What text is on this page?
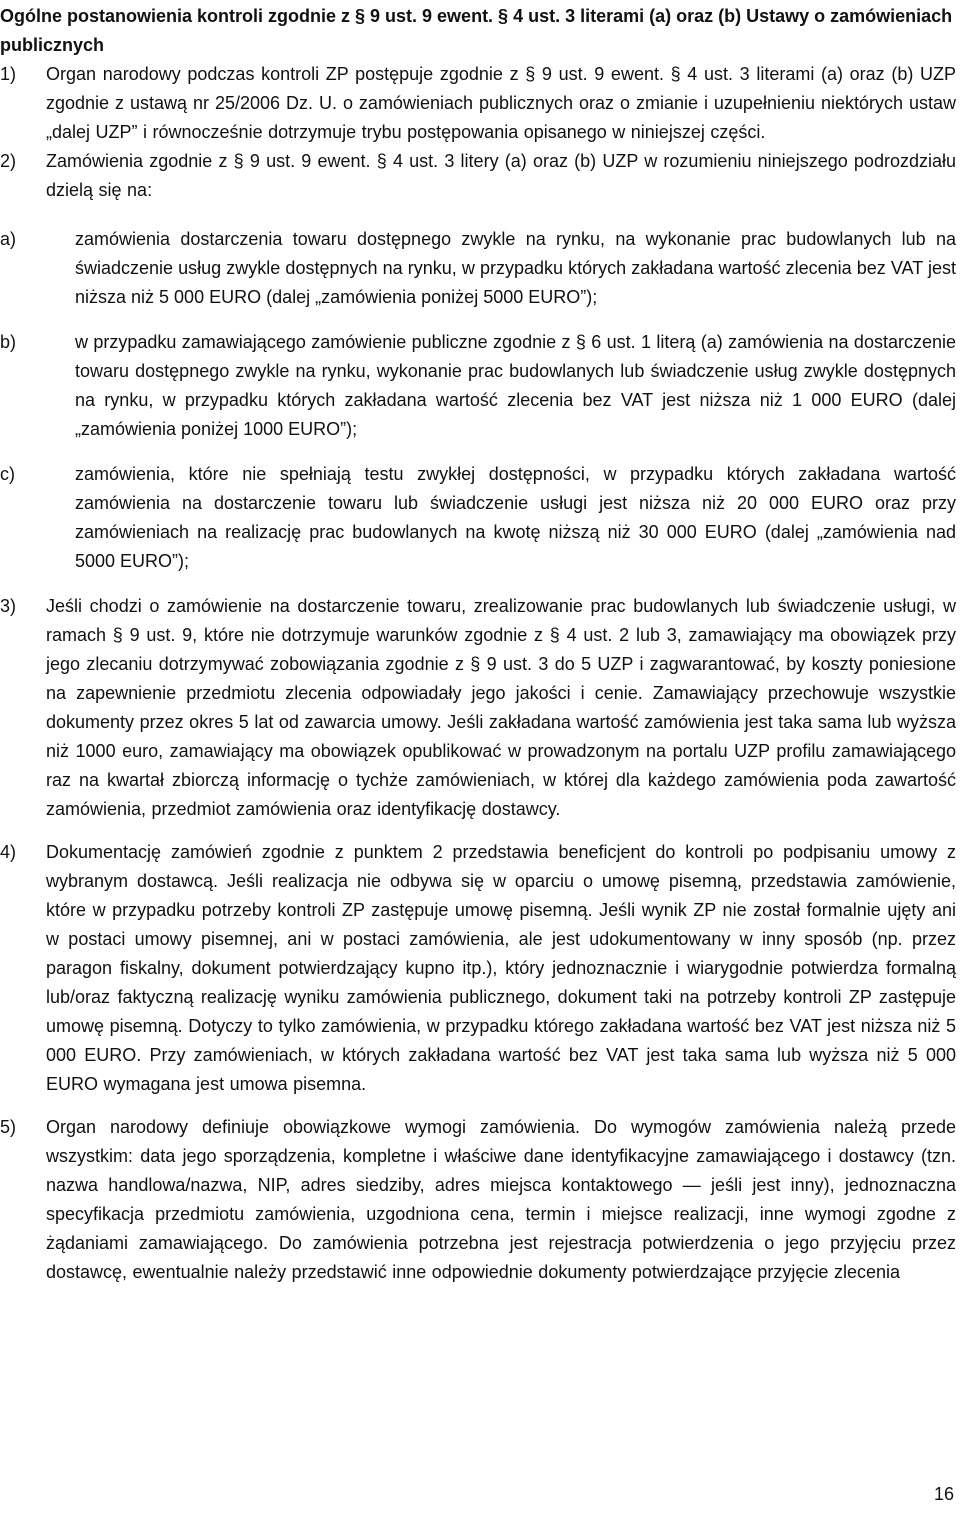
Ogólne postanowienia kontroli zgodnie z § 9 ust. 9 ewent. § 4 ust. 3 literami (a) oraz (b) Ustawy o zamówieniach publicznych
1)	Organ narodowy podczas kontroli ZP postępuje zgodnie z § 9 ust. 9 ewent. § 4 ust. 3 literami (a) oraz (b) UZP zgodnie z ustawą nr 25/2006 Dz. U. o zamówieniach publicznych oraz o zmianie i uzupełnieniu niektórych ustaw „dalej UZP” i równocześnie dotrzymuje trybu postępowania opisanego w niniejszej części.

2)	Zamówienia zgodnie z § 9 ust. 9 ewent. § 4 ust. 3 litery (a) oraz (b) UZP w rozumieniu niniejszego podrozdziału dzielą się na:

a)	zamówienia dostarczenia towaru dostępnego zwykle na rynku, na wykonanie prac budowlanych lub na świadczenie usług zwykle dostępnych na rynku, w przypadku których zakładana wartość zlecenia bez VAT jest niższa niż 5 000 EURO (dalej „zamówienia poniżej 5000 EURO”);

b)	w przypadku zamawiającego zamówienie publiczne zgodnie z § 6 ust. 1 literą (a) zamówienia na dostarczenie towaru dostępnego zwykle na rynku, wykonanie prac budowlanych lub świadczenie usług zwykle dostępnych na rynku, w przypadku których zakładana wartość zlecenia bez VAT jest niższa niż 1 000 EURO (dalej „zamówienia poniżej 1000 EURO”);

c)	zamówienia, które nie spełniają testu zwykłej dostępności, w przypadku których zakładana wartość zamówienia na dostarczenie towaru lub świadczenie usługi jest niższa niż 20 000 EURO oraz przy zamówieniach na realizację prac budowlanych na kwotę niższą niż 30 000 EURO (dalej „zamówienia nad 5000 EURO”);

3)	Jeśli chodzi o zamówienie na dostarczenie towaru, zrealizowanie prac budowlanych lub świadczenie usługi, w ramach § 9 ust. 9, które nie dotrzymuje warunków zgodnie z § 4 ust. 2 lub 3, zamawiający ma obowiązek przy jego zlecaniu dotrzymywać zobowiązania zgodnie z § 9 ust. 3 do 5 UZP i zagwarantować, by koszty poniesione na zapewnienie przedmiotu zlecenia odpowiadały jego jakości i cenie. Zamawiający przechowuje wszystkie dokumenty przez okres 5 lat od zawarcia umowy. Jeśli zakładana wartość zamówienia jest taka sama lub wyższa niż 1000 euro, zamawiający ma obowiązek opublikować w prowadzonym na portalu UZP profilu zamawiającego raz na kwartał zbiorczą informację o tychże zamówieniach, w której dla każdego zamówienia poda zawartość zamówienia, przedmiot zamówienia oraz identyfikację dostawcy.

4)	Dokumentację zamówień zgodnie z punktem 2 przedstawia beneficjent do kontroli po podpisaniu umowy z wybranym dostawcą. Jeśli realizacja nie odbywa się w oparciu o umowę pisemną, przedstawia zamówienie, które w przypadku potrzeby kontroli ZP zastępuje umowę pisemną. Jeśli wynik ZP nie został formalnie ujęty ani w postaci umowy pisemnej, ani w postaci zamówienia, ale jest udokumentowany w inny sposób (np. przez paragon fiskalny, dokument potwierdzający kupno itp.), który jednoznacznie i wiarygodnie potwierdza formalną lub/oraz faktyczną realizację wyniku zamówienia publicznego, dokument taki na potrzeby kontroli ZP zastępuje umowę pisemną. Dotyczy to tylko zamówienia, w przypadku którego zakładana wartość bez VAT jest niższa niż 5 000 EURO. Przy zamówieniach, w których zakładana wartość bez VAT jest taka sama lub wyższa niż 5 000 EURO wymagana jest umowa pisemna.

5)	Organ narodowy definiuje obowiązkowe wymogi zamówienia. Do wymogów zamówienia należą przede wszystkim: data jego sporządzenia, kompletne i właściwe dane identyfikacyjne zamawiającego i dostawcy (tzn. nazwa handlowa/nazwa, NIP, adres siedziby, adres miejsca kontaktowego — jeśli jest inny), jednoznaczna specyfikacja przedmiotu zamówienia, uzgodniona cena, termin i miejsce realizacji, inne wymogi zgodne z żądaniami zamawiającego. Do zamówienia potrzebna jest rejestracja potwierdzenia o jego przyjęciu przez dostawcę, ewentualnie należy przedstawić inne odpowiednie dokumenty potwierdzające przyjęcie zlecenia

16
